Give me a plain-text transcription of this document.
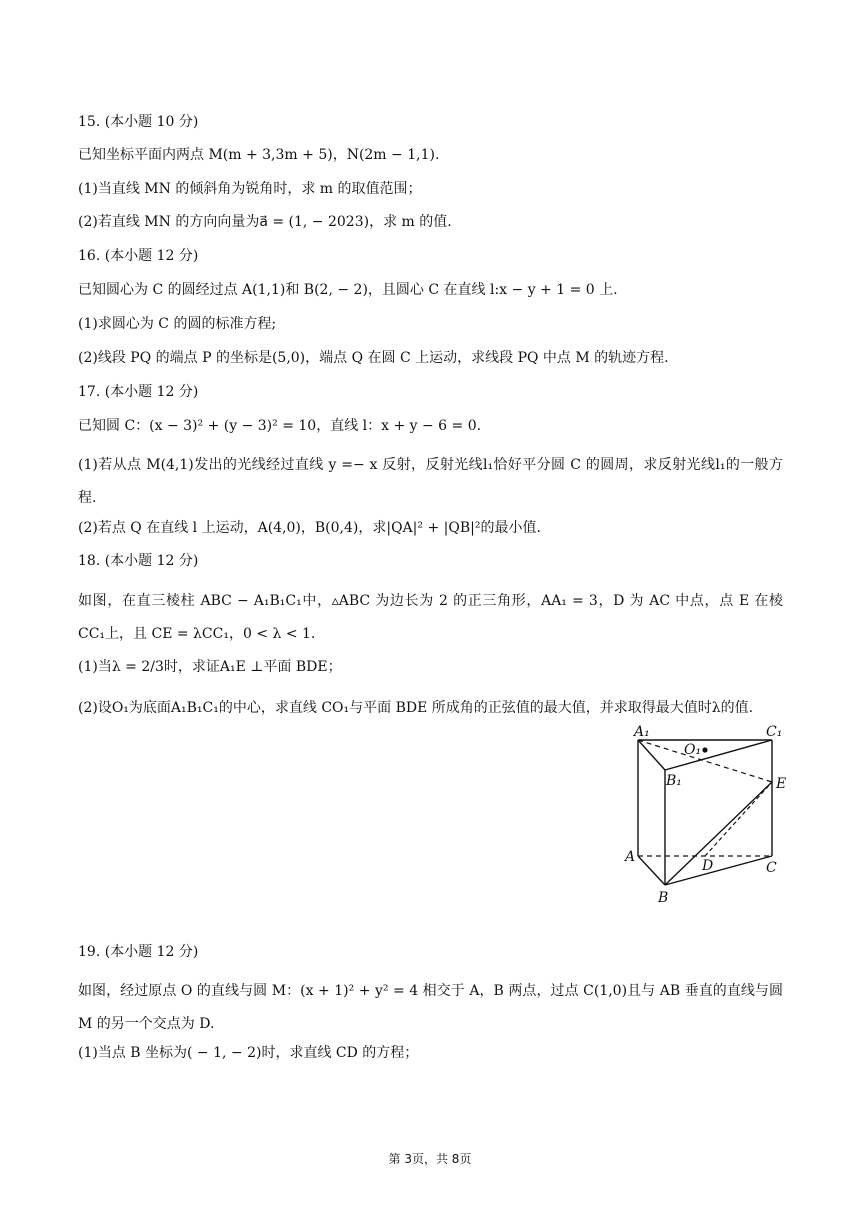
15. (本小题 10 分)
已知坐标平面内两点 M(m + 3,3m + 5)，N(2m − 1,1).
(1)当直线 MN 的倾斜角为锐角时，求 m 的取值范围；
(2)若直线 MN 的方向向量为a⃗ = (1, − 2023)，求 m 的值.
16. (本小题 12 分)
已知圆心为 C 的圆经过点 A(1,1)和 B(2, − 2)，且圆心 C 在直线 l:x − y + 1 = 0 上.
(1)求圆心为 C 的圆的标准方程;
(2)线段 PQ 的端点 P 的坐标是(5,0)，端点 Q 在圆 C 上运动，求线段 PQ 中点 M 的轨迹方程.
17. (本小题 12 分)
已知圆 C：(x − 3)² + (y − 3)² = 10，直线 l：x + y − 6 = 0.
(1)若从点 M(4,1)发出的光线经过直线 y =− x 反射，反射光线l₁恰好平分圆 C 的圆周，求反射光线l₁的一般方程.
(2)若点 Q 在直线 l 上运动，A(4,0)，B(0,4)，求|QA|² + |QB|²的最小值.
18. (本小题 12 分)
如图，在直三棱柱 ABC − A₁B₁C₁中，▵ABC 为边长为 2 的正三角形，AA₁ = 3，D 为 AC 中点，点 E 在棱 CC₁上，且 CE = λCC₁，0 < λ < 1.
(1)当λ = 2/3时，求证A₁E ⊥平面 BDE；
(2)设O₁为底面A₁B₁C₁的中心，求直线 CO₁与平面 BDE 所成角的正弦值的最大值，并求取得最大值时λ的值.
A₁	C₁
O₁
B₁	E
A
D	C
B
19. (本小题 12 分)
如图，经过原点 O 的直线与圆 M：(x + 1)² + y² = 4 相交于 A，B 两点，过点 C(1,0)且与 AB 垂直的直线与圆 M 的另一个交点为 D.
(1)当点 B 坐标为( − 1, − 2)时，求直线 CD 的方程；
第 3页，共 8页
